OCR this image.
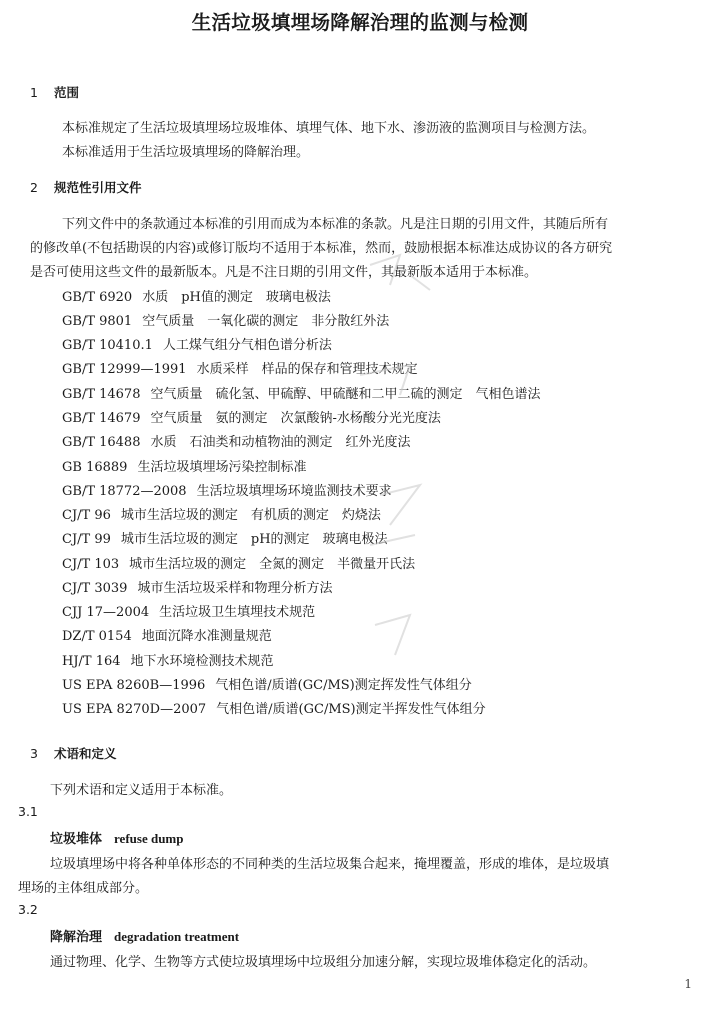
生活垃圾填埋场降解治理的监测与检测
1 范围
本标准规定了生活垃圾填埋场垃圾堆体、填埋气体、地下水、渗沥液的监测项目与检测方法。
本标准适用于生活垃圾填埋场的降解治理。
2 规范性引用文件
下列文件中的条款通过本标准的引用而成为本标准的条款。凡是注日期的引用文件，其随后所有
的修改单(不包括勘误的内容)或修订版均不适用于本标准，然而，鼓励根据本标准达成协议的各方研究
是否可使用这些文件的最新版本。凡是不注日期的引用文件，其最新版本适用于本标准。
GB/T 6920 水质　pH值的测定　玻璃电极法
GB/T 9801 空气质量　一氧化碳的测定　非分散红外法
GB/T 10410.1 人工煤气组分气相色谱分析法
GB/T 12999—1991 水质采样　样品的保存和管理技术规定
GB/T 14678 空气质量　硫化氢、甲硫醇、甲硫醚和二甲二硫的测定　气相色谱法
GB/T 14679 空气质量　氨的测定　次氯酸钠-水杨酸分光光度法
GB/T 16488 水质　石油类和动植物油的测定　红外光度法
GB 16889 生活垃圾填埋场污染控制标准
GB/T 18772—2008 生活垃圾填埋场环境监测技术要求
CJ/T 96 城市生活垃圾的测定　有机质的测定　灼烧法
CJ/T 99 城市生活垃圾的测定　pH的测定　玻璃电极法
CJ/T 103 城市生活垃圾的测定　全氮的测定　半微量开氏法
CJ/T 3039 城市生活垃圾采样和物理分析方法
CJJ 17—2004 生活垃圾卫生填埋技术规范
DZ/T 0154 地面沉降水准测量规范
HJ/T 164 地下水环境检测技术规范
US EPA 8260B—1996 气相色谱/质谱(GC/MS)测定挥发性气体组分
US EPA 8270D—2007 气相色谱/质谱(GC/MS)测定半挥发性气体组分
3 术语和定义
下列术语和定义适用于本标准。
3.1
垃圾堆体 refuse dump
垃圾填埋场中将各种单体形态的不同种类的生活垃圾集合起来，掩埋覆盖，形成的堆体，是垃圾填
埋场的主体组成部分。
3.2
降解治理 degradation treatment
通过物理、化学、生物等方式使垃圾填埋场中垃圾组分加速分解，实现垃圾堆体稳定化的活动。
1
